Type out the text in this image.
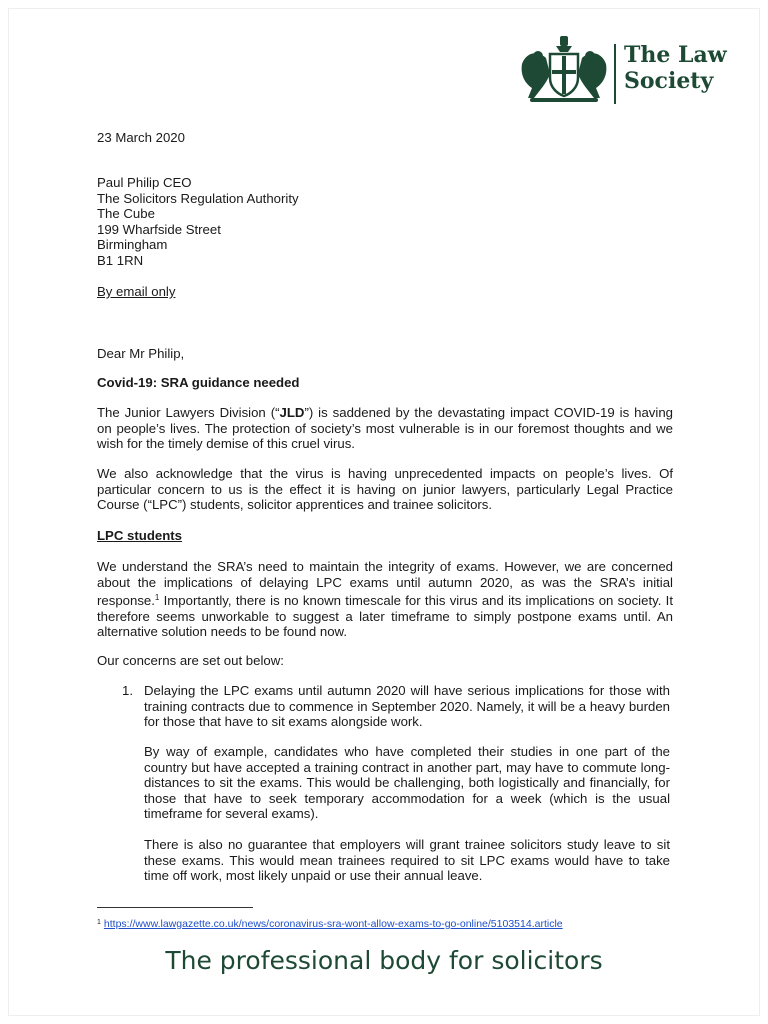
The Law
Society
23 March 2020
Paul Philip CEO
The Solicitors Regulation Authority
The Cube
199 Wharfside Street
Birmingham
B1 1RN
By email only
Dear Mr Philip,
Covid-19: SRA guidance needed
The Junior Lawyers Division (“JLD”) is saddened by the devastating impact COVID-19 is having on people’s lives. The protection of society’s most vulnerable is in our foremost thoughts and we wish for the timely demise of this cruel virus.
We also acknowledge that the virus is having unprecedented impacts on people’s lives. Of particular concern to us is the effect it is having on junior lawyers, particularly Legal Practice Course (“LPC”) students, solicitor apprentices and trainee solicitors.
LPC students
We understand the SRA’s need to maintain the integrity of exams. However, we are concerned about the implications of delaying LPC exams until autumn 2020, as was the SRA’s initial response.$^1$ Importantly, there is no known timescale for this virus and its implications on society. It therefore seems unworkable to suggest a later timeframe to simply postpone exams until. An alternative solution needs to be found now.
Our concerns are set out below:
1. Delaying the LPC exams until autumn 2020 will have serious implications for those with training contracts due to commence in September 2020. Namely, it will be a heavy burden for those that have to sit exams alongside work.
By way of example, candidates who have completed their studies in one part of the country but have accepted a training contract in another part, may have to commute long-distances to sit the exams. This would be challenging, both logistically and financially, for those that have to seek temporary accommodation for a week (which is the usual timeframe for several exams).
There is also no guarantee that employers will grant trainee solicitors study leave to sit these exams. This would mean trainees required to sit LPC exams would have to take time off work, most likely unpaid or use their annual leave.
$^1$ https://www.lawgazette.co.uk/news/coronavirus-sra-wont-allow-exams-to-go-online/5103514.article
The professional body for solicitors
